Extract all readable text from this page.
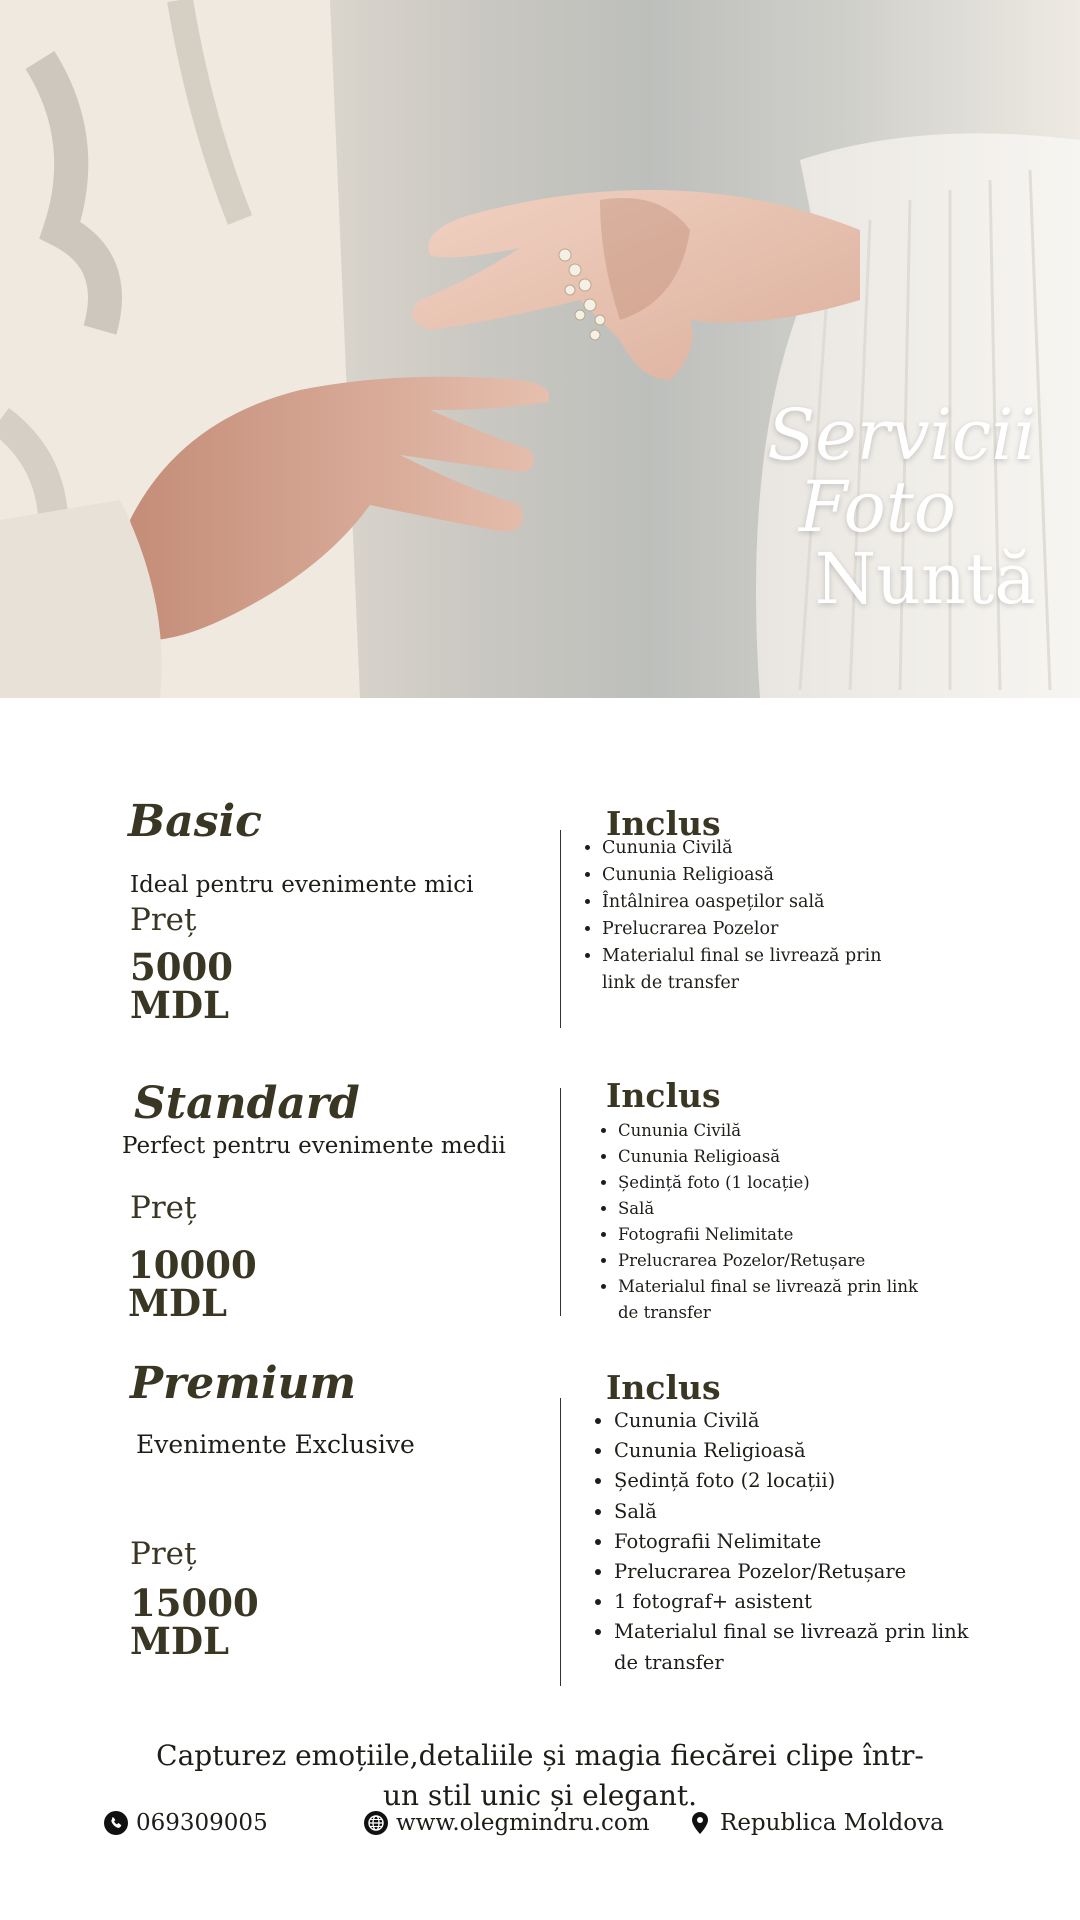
Servicii
Foto
Nuntă
Basic
Ideal pentru evenimente mici
Preț
5000
MDL
Inclus
• Cununia Civilă
• Cununia Religioasă
• Întâlnirea oaspeților sală
• Prelucrarea Pozelor
• Materialul final se livrează prin link de transfer
Standard
Perfect pentru evenimente medii
Preț
10000
MDL
Inclus
• Cununia Civilă
• Cununia Religioasă
• Ședință foto (1 locație)
• Sală
• Fotografii Nelimitate
• Prelucrarea Pozelor/Retușare
• Materialul final se livrează prin link de transfer
Premium
Evenimente Exclusive
Preț
15000
MDL
Inclus
• Cununia Civilă
• Cununia Religioasă
• Ședință foto (2 locații)
• Sală
• Fotografii Nelimitate
• Prelucrarea Pozelor/Retușare
• 1 fotograf+ asistent
• Materialul final se livrează prin link de transfer

Capturez emoțiile,detaliile și magia fiecărei clipe într-un stil unic și elegant.

069309005	www.olegmindru.com	Republica Moldova
